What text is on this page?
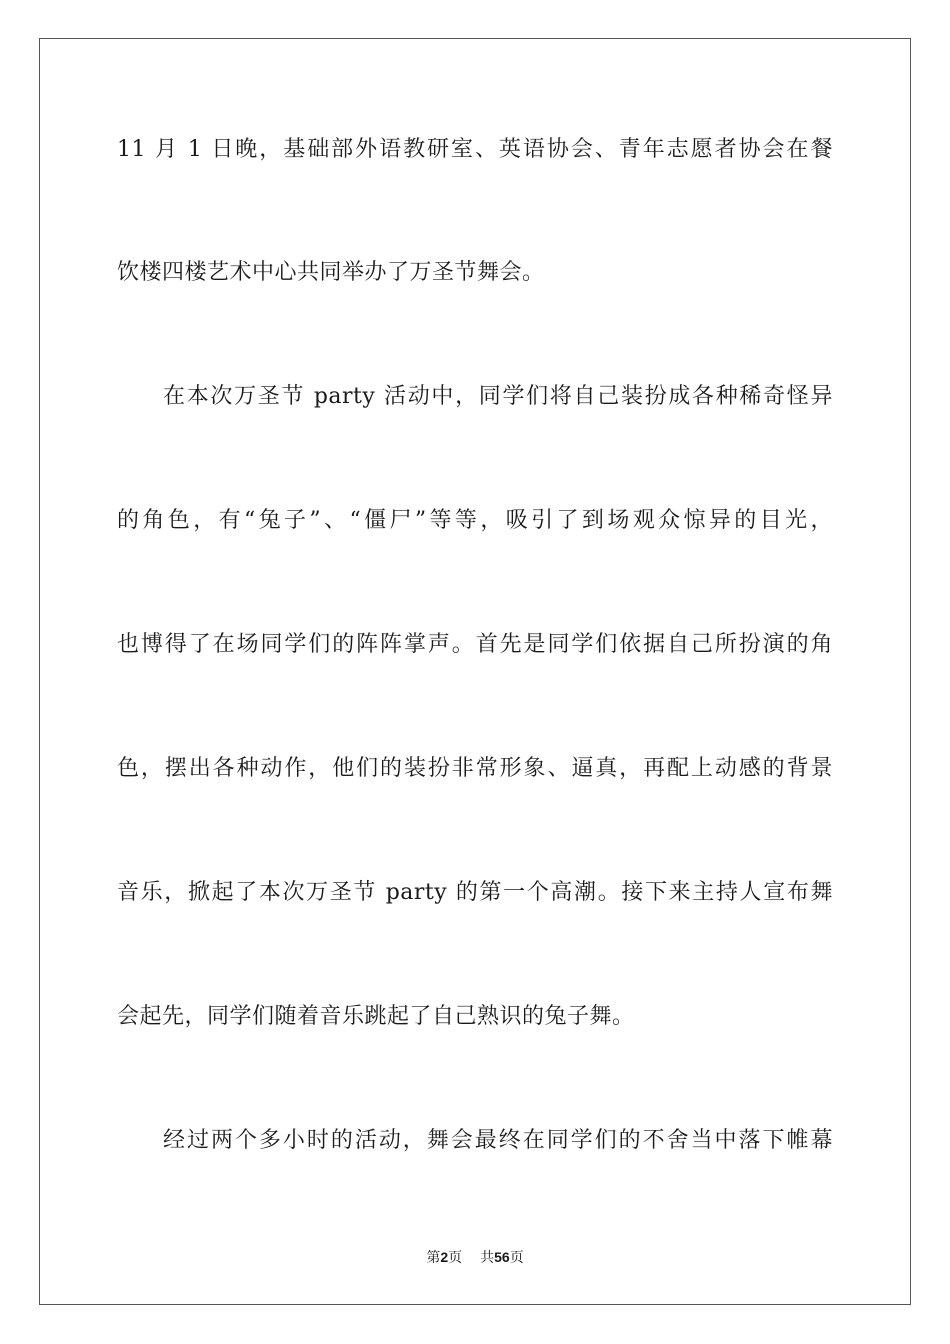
11 月 1 日晚，基础部外语教研室、英语协会、青年志愿者协会在餐
饮楼四楼艺术中心共同举办了万圣节舞会。
在本次万圣节 party 活动中，同学们将自己装扮成各种稀奇怪异
的角色，有“兔子”、“僵尸”等等，吸引了到场观众惊异的目光，
也博得了在场同学们的阵阵掌声。首先是同学们依据自己所扮演的角
色，摆出各种动作，他们的装扮非常形象、逼真，再配上动感的背景
音乐，掀起了本次万圣节 party 的第一个高潮。接下来主持人宣布舞
会起先，同学们随着音乐跳起了自己熟识的兔子舞。
经过两个多小时的活动，舞会最终在同学们的不舍当中落下帷幕
第2页 共56页
